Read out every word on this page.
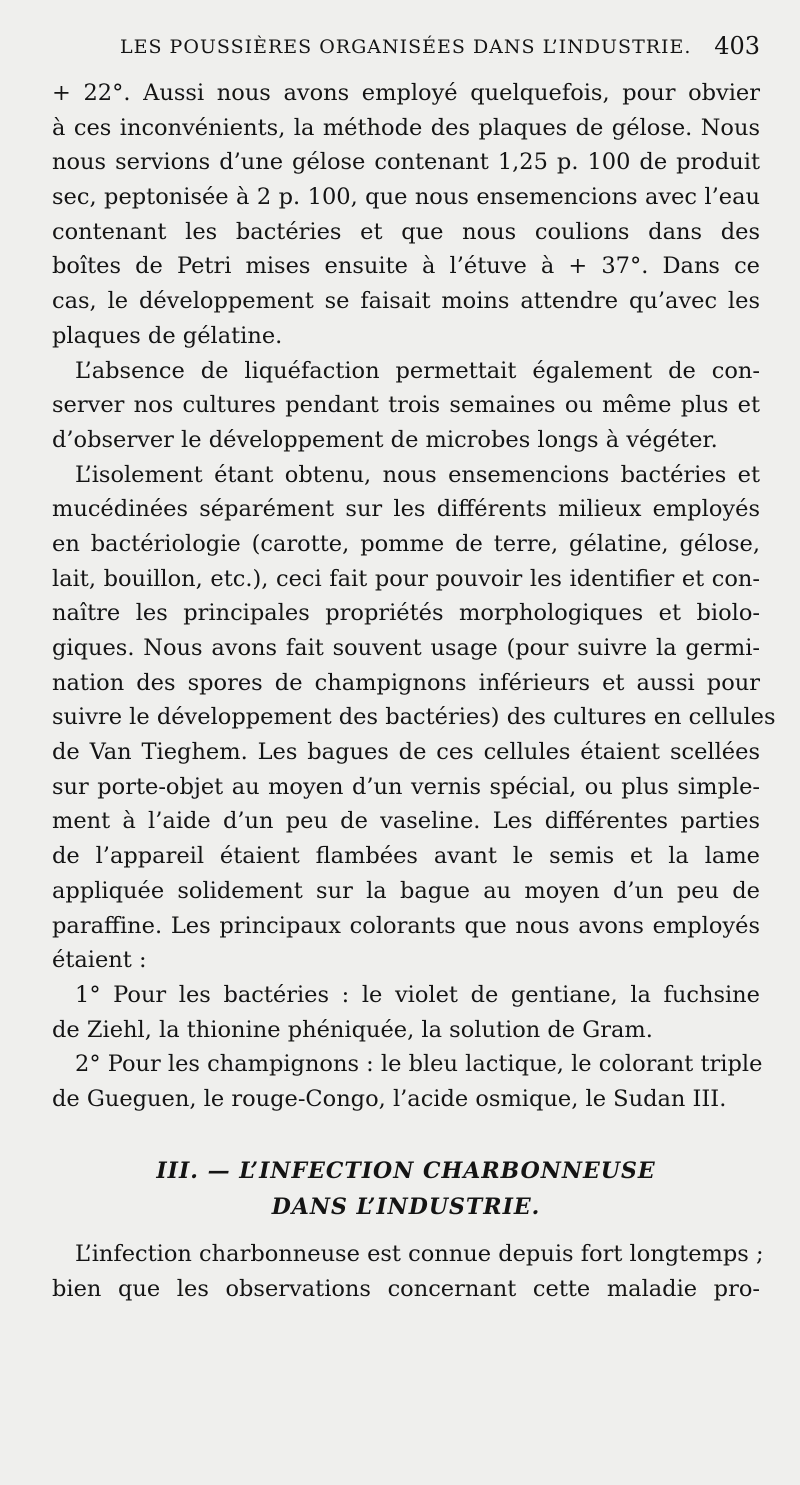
LES POUSSIÈRES ORGANISÉES DANS L’INDUSTRIE. 403
+ 22°. Aussi nous avons employé quelquefois, pour obvier
à ces inconvénients, la méthode des plaques de gélose. Nous
nous servions d’une gélose contenant 1,25 p. 100 de produit
sec, peptonisée à 2 p. 100, que nous ensemencions avec l’eau
contenant les bactéries et que nous coulions dans des
boîtes de Petri mises ensuite à l’étuve à + 37°. Dans ce
cas, le développement se faisait moins attendre qu’avec les
plaques de gélatine.
L’absence de liquéfaction permettait également de con-
server nos cultures pendant trois semaines ou même plus et
d’observer le développement de microbes longs à végéter.
L’isolement étant obtenu, nous ensemencions bactéries et
mucédinées séparément sur les différents milieux employés
en bactériologie (carotte, pomme de terre, gélatine, gélose,
lait, bouillon, etc.), ceci fait pour pouvoir les identifier et con-
naître les principales propriétés morphologiques et biolo-
giques. Nous avons fait souvent usage (pour suivre la germi-
nation des spores de champignons inférieurs et aussi pour
suivre le développement des bactéries) des cultures en cellules
de Van Tieghem. Les bagues de ces cellules étaient scellées
sur porte-objet au moyen d’un vernis spécial, ou plus simple-
ment à l’aide d’un peu de vaseline. Les différentes parties
de l’appareil étaient flambées avant le semis et la lame
appliquée solidement sur la bague au moyen d’un peu de
paraffine. Les principaux colorants que nous avons employés
étaient :
1° Pour les bactéries : le violet de gentiane, la fuchsine
de Ziehl, la thionine phéniquée, la solution de Gram.
2° Pour les champignons : le bleu lactique, le colorant triple
de Gueguen, le rouge-Congo, l’acide osmique, le Sudan III.
III. — L’INFECTION CHARBONNEUSE
DANS L’INDUSTRIE.
L’infection charbonneuse est connue depuis fort longtemps ;
bien que les observations concernant cette maladie pro-
